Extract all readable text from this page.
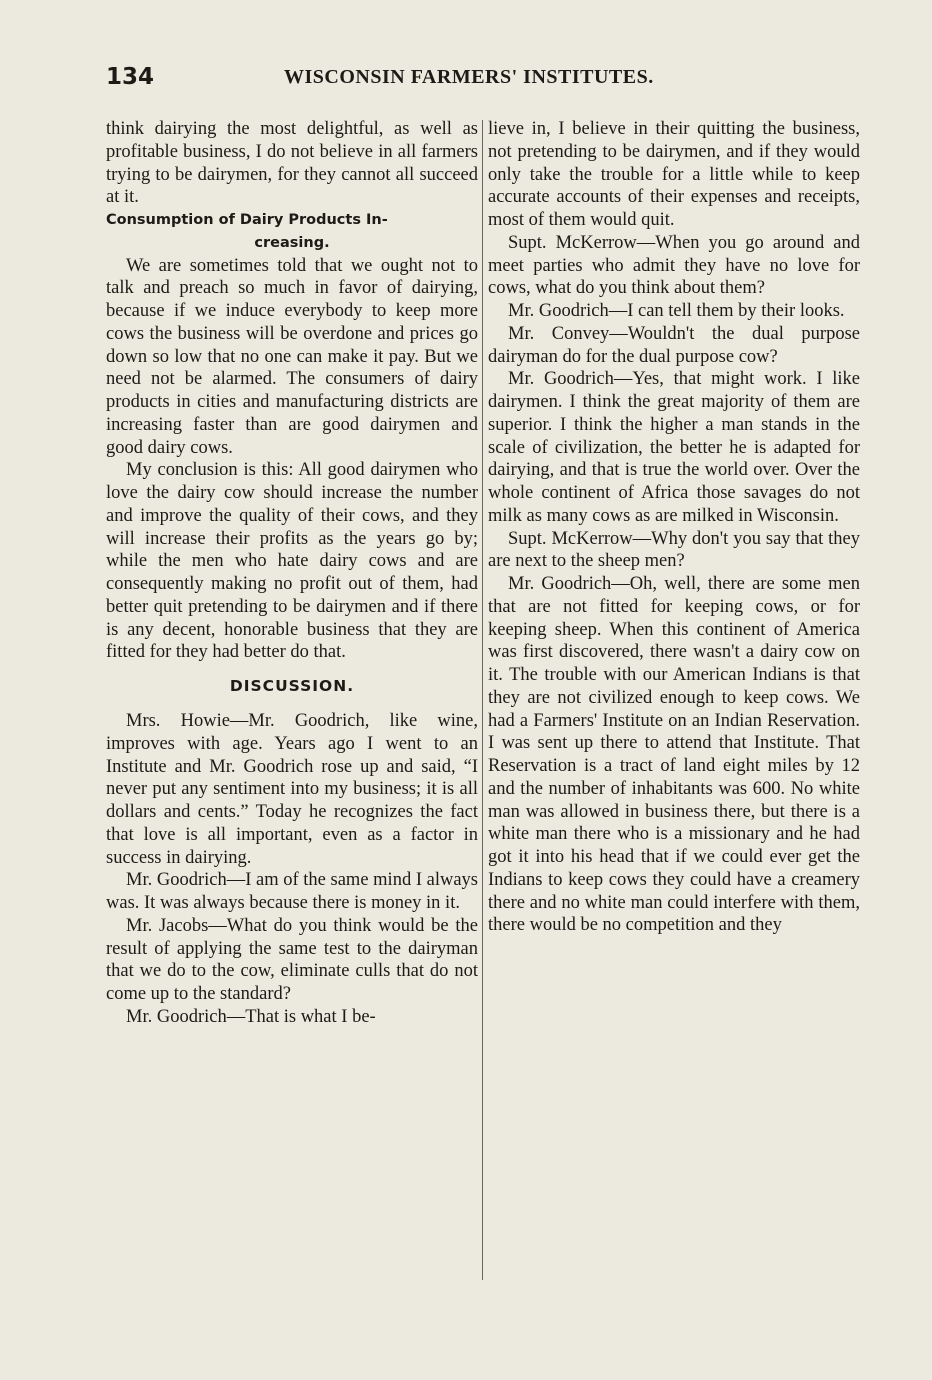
134	WISCONSIN FARMERS' INSTITUTES.

think dairying the most delightful, as well as profitable business, I do not believe in all farmers trying to be dairymen, for they cannot all succeed at it.

Consumption of Dairy Products In-
creasing.

We are sometimes told that we ought not to talk and preach so much in favor of dairying, because if we induce everybody to keep more cows the business will be overdone and prices go down so low that no one can make it pay. But we need not be alarmed. The consumers of dairy products in cities and manufacturing districts are increasing faster than are good dairymen and good dairy cows.

My conclusion is this: All good dairymen who love the dairy cow should increase the number and improve the quality of their cows, and they will increase their profits as the years go by; while the men who hate dairy cows and are consequently making no profit out of them, had better quit pretending to be dairymen and if there is any decent, honorable business that they are fitted for they had better do that.

DISCUSSION.

Mrs. Howie—Mr. Goodrich, like wine, improves with age. Years ago I went to an Institute and Mr. Goodrich rose up and said, “I never put any sentiment into my business; it is all dollars and cents.” Today he recognizes the fact that love is all important, even as a factor in success in dairying.

Mr. Goodrich—I am of the same mind I always was. It was always because there is money in it.

Mr. Jacobs—What do you think would be the result of applying the same test to the dairyman that we do to the cow, eliminate culls that do not come up to the standard?

Mr. Goodrich—That is what I be-

lieve in, I believe in their quitting the business, not pretending to be dairymen, and if they would only take the trouble for a little while to keep accurate accounts of their expenses and receipts, most of them would quit.

Supt. McKerrow—When you go around and meet parties who admit they have no love for cows, what do you think about them?

Mr. Goodrich—I can tell them by their looks.

Mr. Convey—Wouldn't the dual purpose dairyman do for the dual purpose cow?

Mr. Goodrich—Yes, that might work. I like dairymen. I think the great majority of them are superior. I think the higher a man stands in the scale of civilization, the better he is adapted for dairying, and that is true the world over. Over the whole continent of Africa those savages do not milk as many cows as are milked in Wisconsin.

Supt. McKerrow—Why don't you say that they are next to the sheep men?

Mr. Goodrich—Oh, well, there are some men that are not fitted for keeping cows, or for keeping sheep. When this continent of America was first discovered, there wasn't a dairy cow on it. The trouble with our American Indians is that they are not civilized enough to keep cows. We had a Farmers' Institute on an Indian Reservation. I was sent up there to attend that Institute. That Reservation is a tract of land eight miles by 12 and the number of inhabitants was 600. No white man was allowed in business there, but there is a white man there who is a missionary and he had got it into his head that if we could ever get the Indians to keep cows they could have a creamery there and no white man could interfere with them, there would be no competition and they
